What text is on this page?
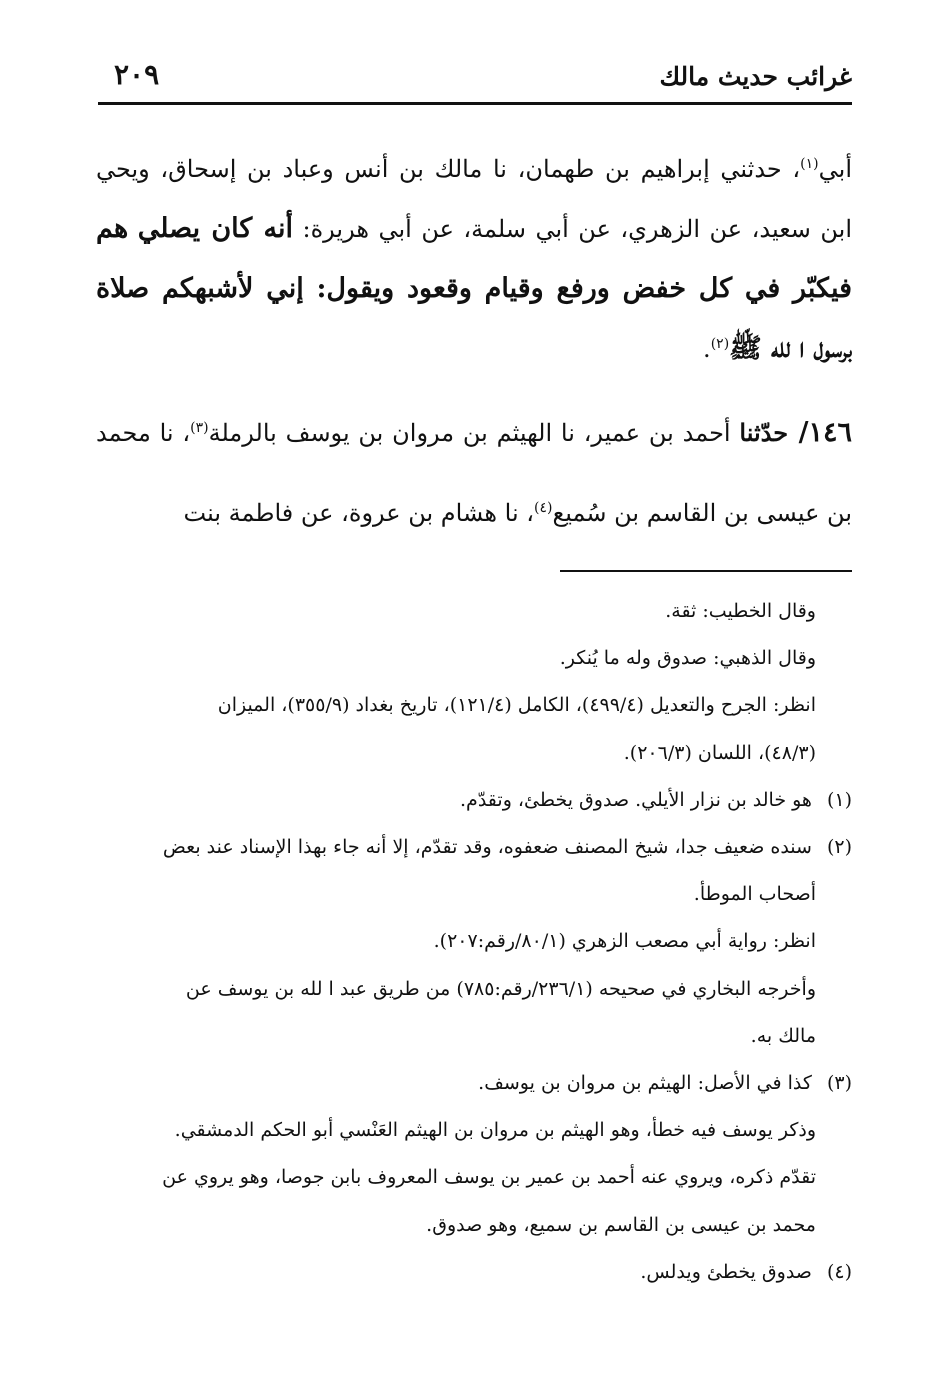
غرائب حديث مالك
٢٠٩

أبي$^{(١)}$، حدثني إبراهيم بن طهمان، نا مالك بن أنس وعباد بن إسحاق، ويحي ابن سعيد، عن الزهري، عن أبي سلمة، عن أبي هريرة: أنه كان يصلي هم فيكبّر في كل خفض ورفع وقيام وقعود ويقول: إني لأشبهكم صلاة برسول ا لله ﷺ$^{(٢)}$.

١٤٦/ حدّثنا أحمد بن عمير، نا الهيثم بن مروان بن يوسف بالرملة$^{(٣)}$، نا محمد بن عيسى بن القاسم بن سُميع$^{(٤)}$، نا هشام بن عروة، عن فاطمة بنت

وقال الخطيب: ثقة.

وقال الذهبي: صدوق وله ما يُنكر.

انظر: الجرح والتعديل (٤٩٩/٤)، الكامل (١٢١/٤)، تاريخ بغداد (٣٥٥/٩)، الميزان

(٤٨/٣)، اللسان (٢٠٦/٣).

(١) هو خالد بن نزار الأيلي. صدوق يخطئ، وتقدّم.

(٢) سنده ضعيف جدا، شيخ المصنف ضعفوه، وقد تقدّم، إلا أنه جاء بهذا الإسناد عند بعض

أصحاب الموطأ.

انظر: رواية أبي مصعب الزهري (٨٠/١/رقم:٢٠٧).

وأخرجه البخاري في صحيحه (٢٣٦/١/رقم:٧٨٥) من طريق عبد ا لله بن يوسف عن

مالك به.

(٣) كذا في الأصل: الهيثم بن مروان بن يوسف.

وذكر يوسف فيه خطأ، وهو الهيثم بن مروان بن الهيثم العَنْسي أبو الحكم الدمشقي.

تقدّم ذكره، ويروي عنه أحمد بن عمير بن يوسف المعروف بابن جوصا، وهو يروي عن

محمد بن عيسى بن القاسم بن سميع، وهو صدوق.

(٤) صدوق يخطئ ويدلس.
